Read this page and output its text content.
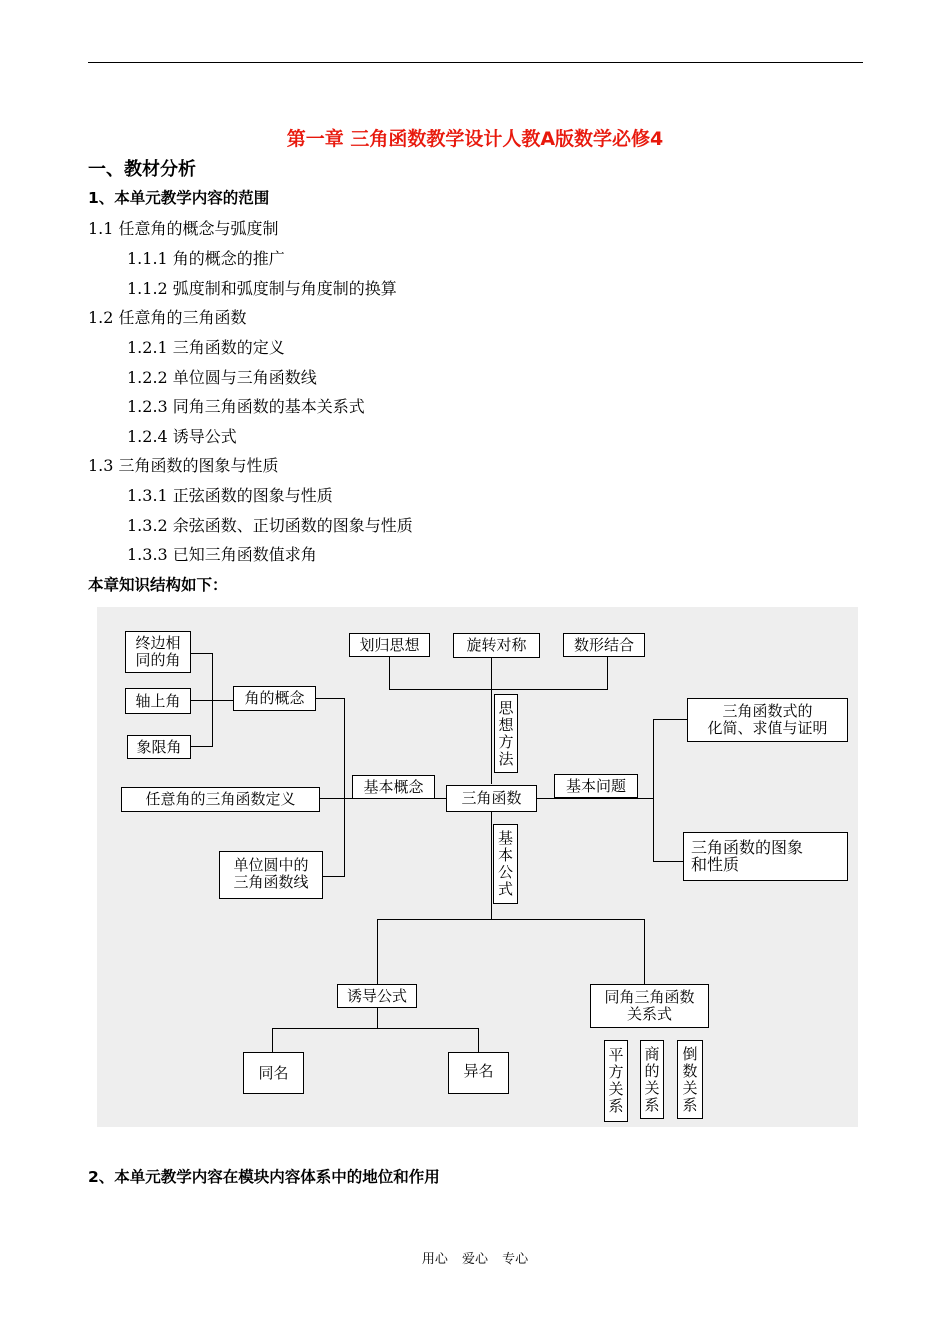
第一章 三角函数教学设计人教A版数学必修4
一、教材分析
1、本单元教学内容的范围
1.1 任意角的概念与弧度制
1.1.1 角的概念的推广
1.1.2 弧度制和弧度制与角度制的换算
1.2 任意角的三角函数
1.2.1 三角函数的定义
1.2.2 单位圆与三角函数线
1.2.3 同角三角函数的基本关系式
1.2.4 诱导公式
1.3 三角函数的图象与性质
1.3.1 正弦函数的图象与性质
1.3.2 余弦函数、正切函数的图象与性质
1.3.3 已知三角函数值求角
本章知识结构如下：
终边相
同的角
轴上角
象限角
角的概念
任意角的三角函数定义
单位圆中的
三角函数线
划归思想	旋转对称	数形结合
思
想
方
法
基本概念
三角函数
基本问题
三角函数式的
化简、求值与证明
三角函数的图象
和性质
基
本
公
式
诱导公式	同角三角函数
关系式
同名	异名
平
方
关
系
商
的
关
系
倒
数
关
系
2、本单元教学内容在模块内容体系中的地位和作用
用心 爱心 专心
